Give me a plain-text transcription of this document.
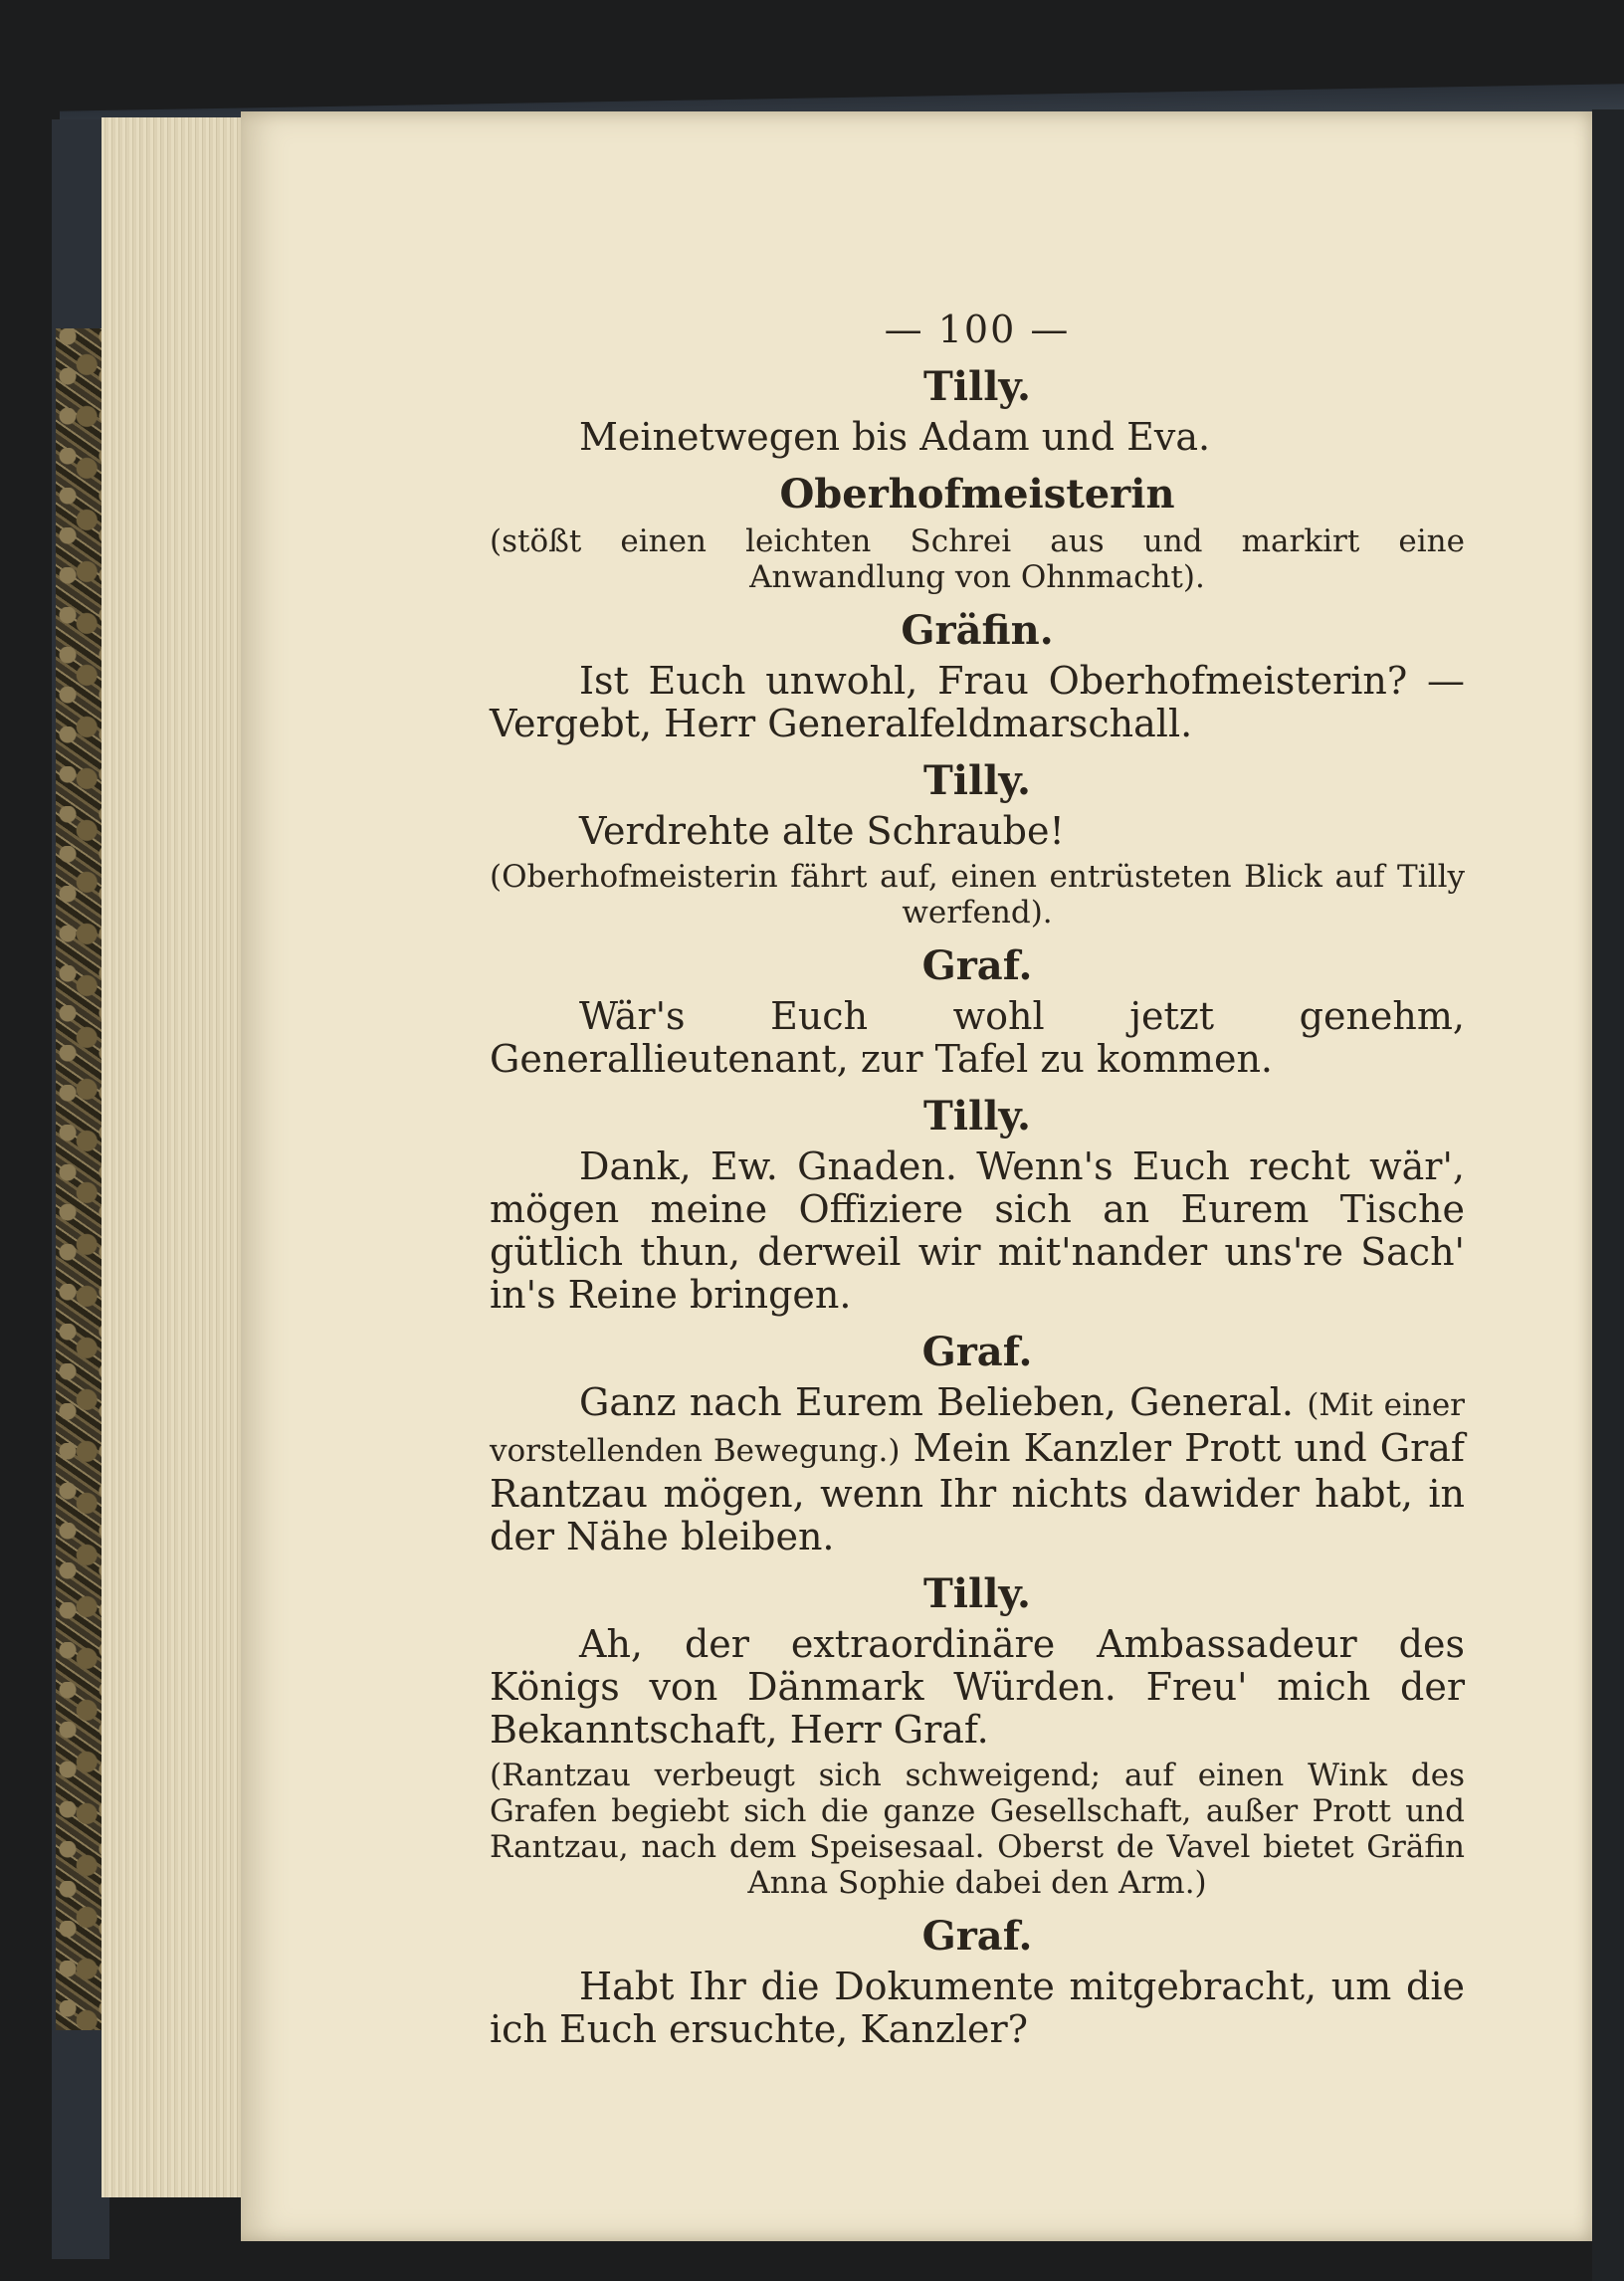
— 100 —
Tilly.
Meinetwegen bis Adam und Eva.
Oberhofmeisterin
(stößt einen leichten Schrei aus und markirt eine Anwandlung von Ohnmacht).
Gräfin.
Ist Euch unwohl, Frau Oberhofmeisterin? — Vergebt, Herr Generalfeldmarschall.
Tilly.
Verdrehte alte Schraube!
(Oberhofmeisterin fährt auf, einen entrüsteten Blick auf Tilly werfend).
Graf.
Wär's Euch wohl jetzt genehm, Generallieutenant, zur Tafel zu kommen.
Tilly.
Dank, Ew. Gnaden. Wenn's Euch recht wär', mögen meine Offiziere sich an Eurem Tische gütlich thun, derweil wir mit'nander uns're Sach' in's Reine bringen.
Graf.
Ganz nach Eurem Belieben, General. (Mit einer vorstellenden Bewegung.) Mein Kanzler Prott und Graf Rantzau mögen, wenn Ihr nichts dawider habt, in der Nähe bleiben.
Tilly.
Ah, der extraordinäre Ambassadeur des Königs von Dänmark Würden. Freu' mich der Bekanntschaft, Herr Graf.
(Rantzau verbeugt sich schweigend; auf einen Wink des Grafen begiebt sich die ganze Gesellschaft, außer Prott und Rantzau, nach dem Speisesaal. Oberst de Vavel bietet Gräfin Anna Sophie dabei den Arm.)
Graf.
Habt Ihr die Dokumente mitgebracht, um die ich Euch ersuchte, Kanzler?
